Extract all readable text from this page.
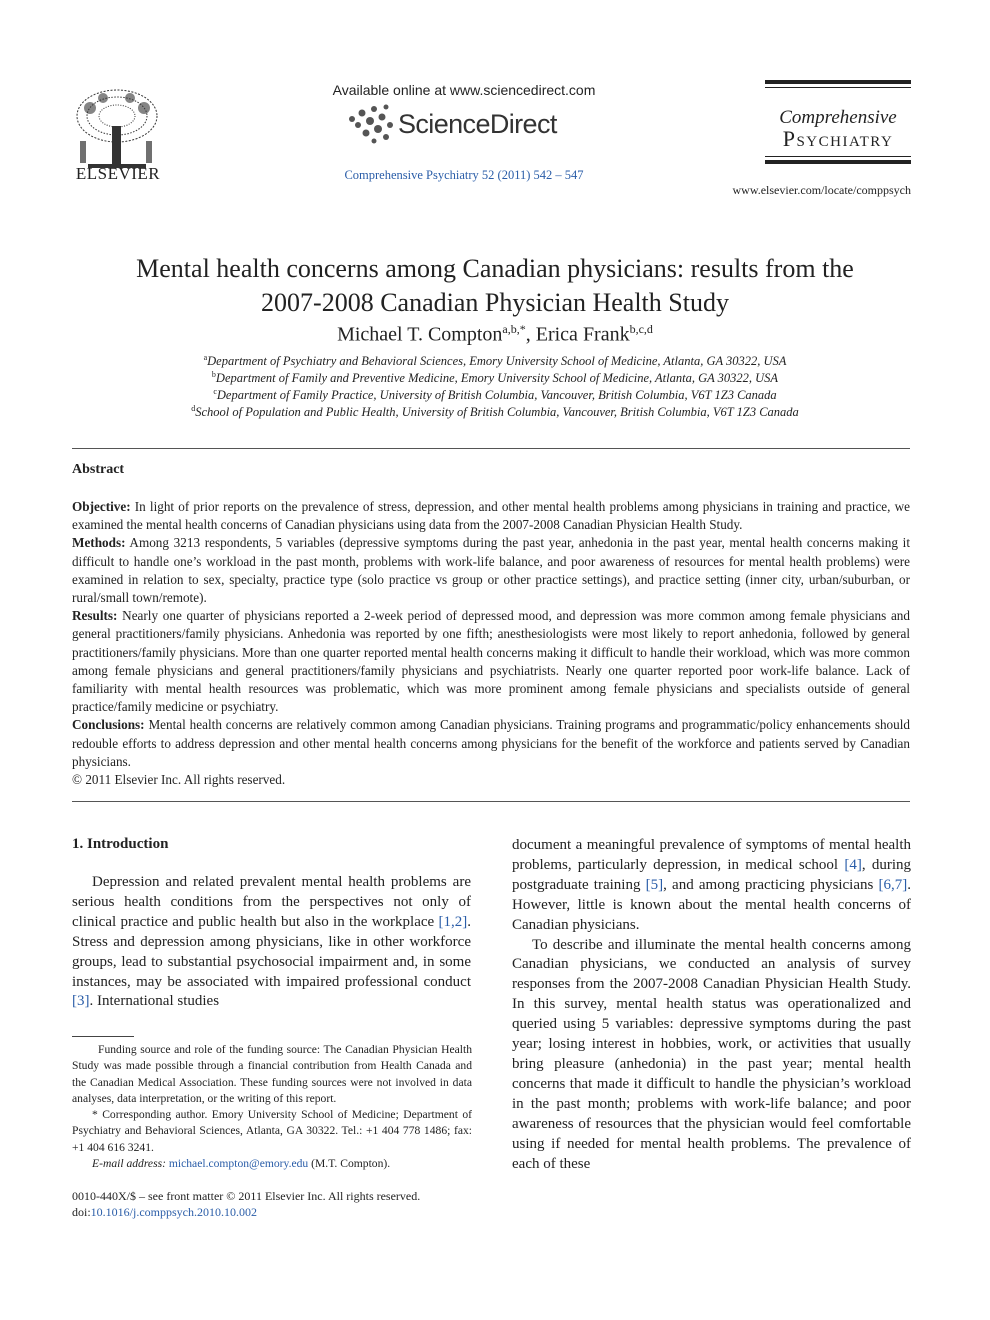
ELSEVIER
Available online at www.sciencedirect.com
ScienceDirect
Comprehensive Psychiatry 52 (2011) 542 – 547
Comprehensive
Psychiatry
www.elsevier.com/locate/comppsych
Mental health concerns among Canadian physicians: results from the
2007-2008 Canadian Physician Health Study
Michael T. Compton$^{a,b,*}$, Erica Frank$^{b,c,d}$
$^a$Department of Psychiatry and Behavioral Sciences, Emory University School of Medicine, Atlanta, GA 30322, USA
$^b$Department of Family and Preventive Medicine, Emory University School of Medicine, Atlanta, GA 30322, USA
$^c$Department of Family Practice, University of British Columbia, Vancouver, British Columbia, V6T 1Z3 Canada
$^d$School of Population and Public Health, University of British Columbia, Vancouver, British Columbia, V6T 1Z3 Canada
Abstract

Objective: In light of prior reports on the prevalence of stress, depression, and other mental health problems among physicians in training and practice, we examined the mental health concerns of Canadian physicians using data from the 2007-2008 Canadian Physician Health Study.

Methods: Among 3213 respondents, 5 variables (depressive symptoms during the past year, anhedonia in the past year, mental health concerns making it difficult to handle one’s workload in the past month, problems with work-life balance, and poor awareness of resources for mental health problems) were examined in relation to sex, specialty, practice type (solo practice vs group or other practice settings), and practice setting (inner city, urban/suburban, or rural/small town/remote).

Results: Nearly one quarter of physicians reported a 2-week period of depressed mood, and depression was more common among female physicians and general practitioners/family physicians. Anhedonia was reported by one fifth; anesthesiologists were most likely to report anhedonia, followed by general practitioners/family physicians. More than one quarter reported mental health concerns making it difficult to handle their workload, which was more common among female physicians and general practitioners/family physicians and psychiatrists. Nearly one quarter reported poor work-life balance. Lack of familiarity with mental health resources was problematic, which was more prominent among female physicians and specialists outside of general practice/family medicine or psychiatry.

Conclusions: Mental health concerns are relatively common among Canadian physicians. Training programs and programmatic/policy enhancements should redouble efforts to address depression and other mental health concerns among physicians for the benefit of the workforce and patients served by Canadian physicians.

© 2011 Elsevier Inc. All rights reserved.

1. Introduction

Depression and related prevalent mental health problems are serious health conditions from the perspectives not only of clinical practice and public health but also in the workplace [1,2]. Stress and depression among physicians, like in other workforce groups, lead to substantial psychosocial impairment and, in some instances, may be associated with impaired professional conduct [3]. International studies

Funding source and role of the funding source: The Canadian Physician Health Study was made possible through a financial contribution from Health Canada and the Canadian Medical Association. These funding sources were not involved in data analyses, data interpretation, or the writing of this report.

* Corresponding author. Emory University School of Medicine; Department of Psychiatry and Behavioral Sciences, Atlanta, GA 30322. Tel.: +1 404 778 1486; fax: +1 404 616 3241.

E-mail address: michael.compton@emory.edu (M.T. Compton).

0010-440X/$ – see front matter © 2011 Elsevier Inc. All rights reserved.
doi:10.1016/j.comppsych.2010.10.002

document a meaningful prevalence of symptoms of mental health problems, particularly depression, in medical school [4], during postgraduate training [5], and among practicing physicians [6,7]. However, little is known about the mental health concerns of Canadian physicians.

To describe and illuminate the mental health concerns among Canadian physicians, we conducted an analysis of survey responses from the 2007-2008 Canadian Physician Health Study. In this survey, mental health status was operationalized and queried using 5 variables: depressive symptoms during the past year; losing interest in hobbies, work, or activities that usually bring pleasure (anhedonia) in the past year; mental health concerns that made it difficult to handle the physician’s workload in the past month; problems with work-life balance; and poor awareness of resources that the physician would feel comfortable using if needed for mental health problems. The prevalence of each of these
